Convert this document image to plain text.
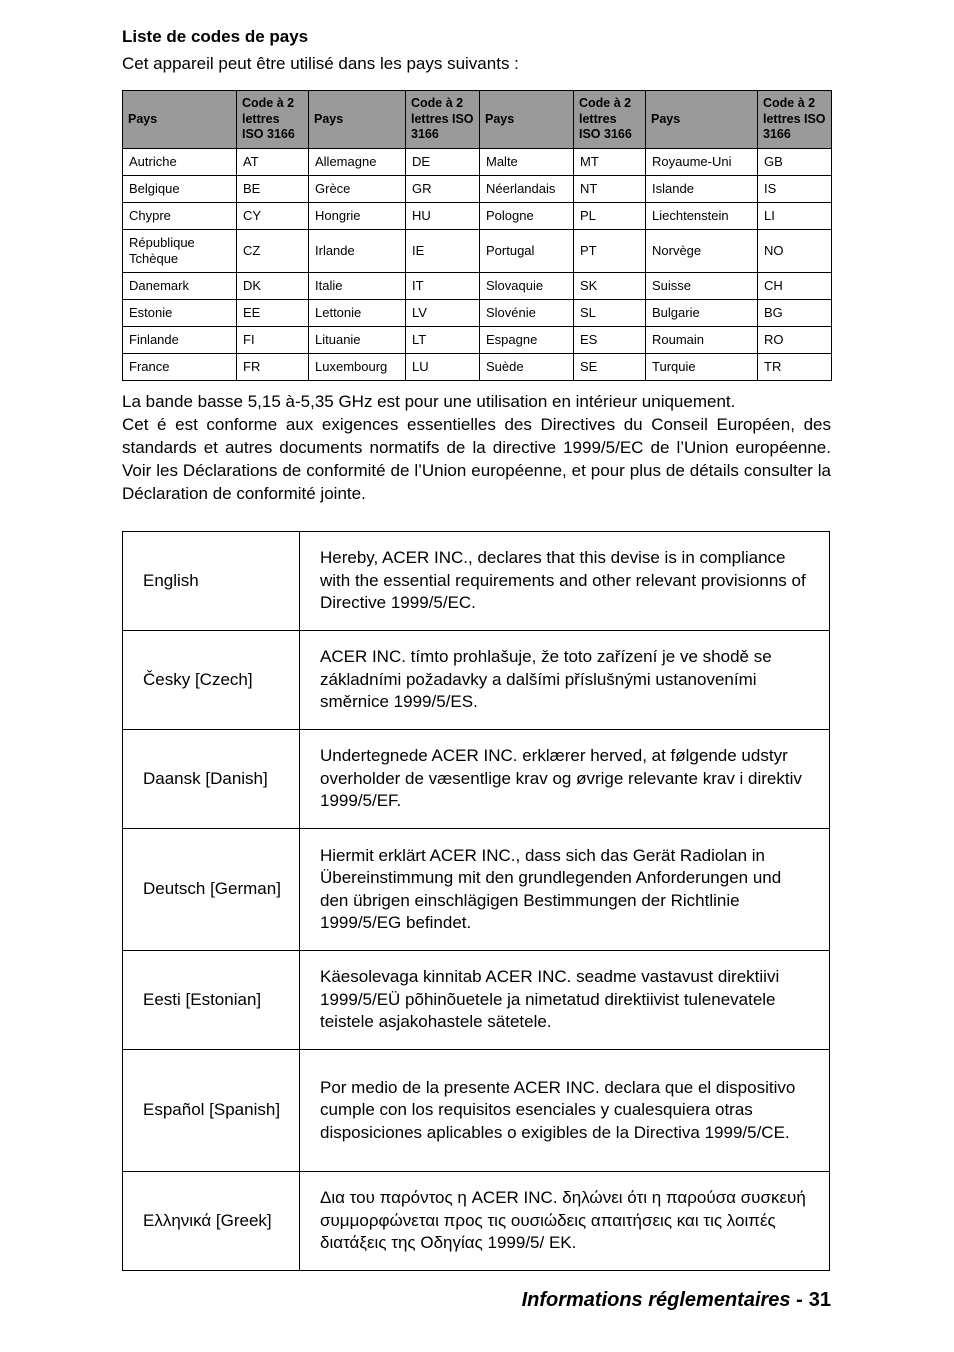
Liste de codes de pays
Cet appareil peut être utilisé dans les pays suivants :
Pays	Code à 2 lettres ISO 3166	Pays	Code à 2 lettres ISO 3166	Pays	Code à 2 lettres ISO 3166	Pays	Code à 2 lettres ISO 3166
Autriche	AT	Allemagne	DE	Malte	MT	Royaume-Uni	GB
Belgique	BE	Grèce	GR	Néerlandais	NT	Islande	IS
Chypre	CY	Hongrie	HU	Pologne	PL	Liechtenstein	LI
République Tchèque	CZ	Irlande	IE	Portugal	PT	Norvège	NO
Danemark	DK	Italie	IT	Slovaquie	SK	Suisse	CH
Estonie	EE	Lettonie	LV	Slovénie	SL	Bulgarie	BG
Finlande	FI	Lituanie	LT	Espagne	ES	Roumain	RO
France	FR	Luxembourg	LU	Suède	SE	Turquie	TR

La bande basse 5,15 à-5,35 GHz est pour une utilisation en intérieur uniquement.

Cet é est conforme aux exigences essentielles des Directives du Conseil Européen, des standards et autres documents normatifs de la directive 1999/5/EC de l’Union européenne. Voir les Déclarations de conformité de l’Union européenne, et pour plus de détails consulter la Déclaration de conformité jointe.

English	Hereby, ACER INC., declares that this devise is in compliance with the essential requirements and other relevant provisionns of Directive 1999/5/EC.
Česky [Czech]	ACER INC. tímto prohlašuje, že toto zařízení je ve shodě se základními požadavky a dalšími příslušnými ustanoveními směrnice 1999/5/ES.
Daansk [Danish]	Undertegnede ACER INC. erklærer herved, at følgende udstyr overholder de væsentlige krav og øvrige relevante krav i direktiv 1999/5/EF.
Deutsch [German]	Hiermit erklärt ACER INC., dass sich das Gerät Radiolan in Übereinstimmung mit den grundlegenden Anforderungen und den übrigen einschlägigen Bestimmungen der Richtlinie 1999/5/EG befindet.
Eesti [Estonian]	Käesolevaga kinnitab ACER INC. seadme vastavust direktiivi 1999/5/EÜ põhinõuetele ja nimetatud direktiivist tulenevatele teistele asjakohastele sätetele.
Español [Spanish]	Por medio de la presente ACER INC. declara que el dispositivo cumple con los requisitos esenciales y cualesquiera otras disposiciones aplicables o exigibles de la Directiva 1999/5/CE.
Ελληνικά [Greek]	Δια του παρόντος η ACER INC. δηλώνει ότι η παρούσα συσκευή συμμορφώνεται προς τις ουσιώδεις απαιτήσεις και τις λοιπές διατάξεις της Οδηγίας 1999/5/ ΕΚ.
Informations réglementaires - 31
